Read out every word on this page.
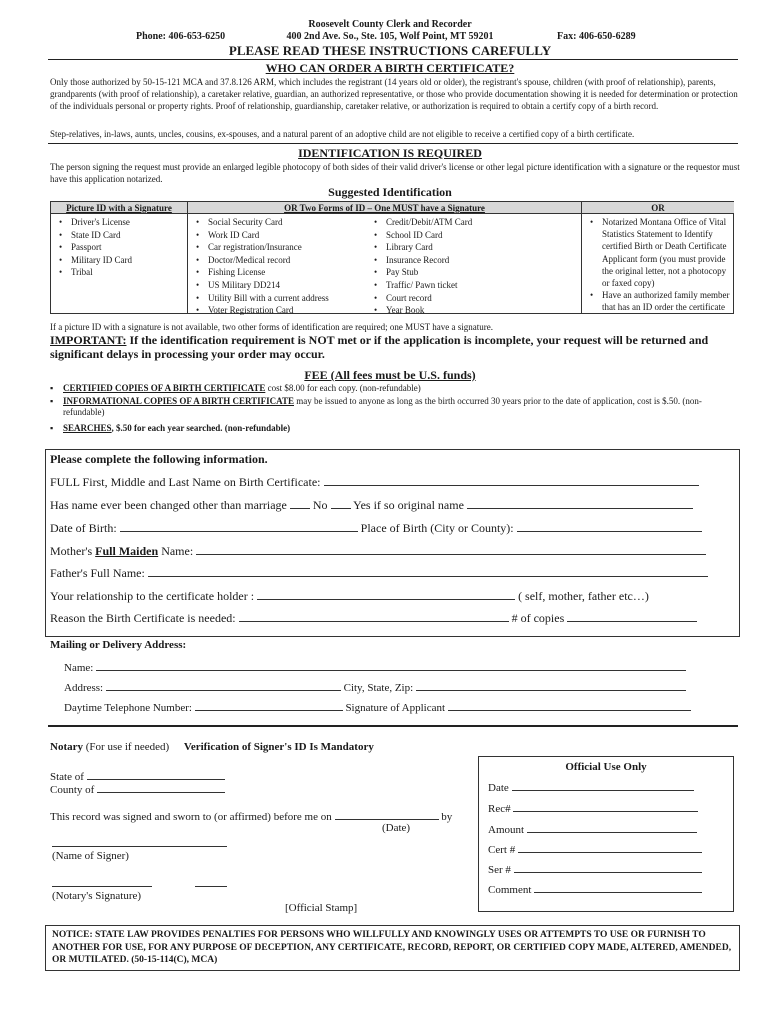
Roosevelt County Clerk and Recorder
400 2nd Ave. So., Ste. 105, Wolf Point, MT 59201
Phone: 406-653-6250	Fax: 406-650-6289
PLEASE READ THESE INSTRUCTIONS CAREFULLY
WHO CAN ORDER A BIRTH CERTIFICATE?
Only those authorized by 50-15-121 MCA and 37.8.126 ARM, which includes the registrant (14 years old or older), the registrant's spouse, children (with proof of relationship), parents, grandparents (with proof of relationship), a caretaker relative, guardian, an authorized representative, or those who provide documentation showing it is needed for determination or protection of the individuals personal or property rights. Proof of relationship, guardianship, caretaker relative, or authorization is required to obtain a certify copy of a birth record.
Step-relatives, in-laws, aunts, uncles, cousins, ex-spouses, and a natural parent of an adoptive child are not eligible to receive a certified copy of a birth certificate.
IDENTIFICATION IS REQUIRED
The person signing the request must provide an enlarged legible photocopy of both sides of their valid driver's license or other legal picture identification with a signature or the requestor must have this application notarized.
Suggested Identification
Picture ID with a Signature
• Driver's License
• State ID Card
• Passport
• Military ID Card
• Tribal
OR Two Forms of ID – One MUST have a Signature
• Social Security Card
• Work ID Card
• Car registration/Insurance
• Doctor/Medical record
• Fishing License
• US Military DD214
• Utility Bill with a current address
• Voter Registration Card
• Credit/Debit/ATM Card
• School ID Card
• Library Card
• Insurance Record
• Pay Stub
• Traffic/ Pawn ticket
• Court record
• Year Book
OR
• Notarized Montana Office of Vital Statistics Statement to Identify certified Birth or Death Certificate Applicant form (you must provide the original letter, not a photocopy or faxed copy)
• Have an authorized family member that has an ID order the certificate
If a picture ID with a signature is not available, two other forms of identification are required; one MUST have a signature.
IMPORTANT: If the identification requirement is NOT met or if the application is incomplete, your request will be returned and significant delays in processing your order may occur.
FEE (All fees must be U.S. funds)
▪ CERTIFIED COPIES OF A BIRTH CERTIFICATE cost $8.00 for each copy. (non-refundable)
▪ INFORMATIONAL COPIES OF A BIRTH CERTIFICATE may be issued to anyone as long as the birth occurred 30 years prior to the date of application, cost is $.50. (non-refundable)
▪ SEARCHES, $.50 for each year searched. (non-refundable)
Please complete the following information.
FULL First, Middle and Last Name on Birth Certificate:
Has name ever been changed other than marriage No Yes if so original name
Date of Birth:	Place of Birth (City or County):
Mother's Full Maiden Name:
Father's Full Name:
Your relationship to the certificate holder :	( self, mother, father etc…)
Reason the Birth Certificate is needed:	# of copies
Mailing or Delivery Address:
Name:
Address:	City, State, Zip:
Daytime Telephone Number:	Signature of Applicant
Notary (For use if needed) Verification of Signer's ID Is Mandatory
State of
County of
This record was signed and sworn to (or affirmed) before me on	by
(Date)
(Name of Signer)
(Notary's Signature)
[Official Stamp]
Official Use Only
Date
Rec#
Amount
Cert #
Ser #
Comment
NOTICE: STATE LAW PROVIDES PENALTIES FOR PERSONS WHO WILLFULLY AND KNOWINGLY USES OR ATTEMPTS TO USE OR FURNISH TO ANOTHER FOR USE, FOR ANY PURPOSE OF DECEPTION, ANY CERTIFICATE, RECORD, REPORT, OR CERTIFIED COPY MADE, ALTERED, AMENDED, OR MUTILATED. (50-15-114(C), MCA)
